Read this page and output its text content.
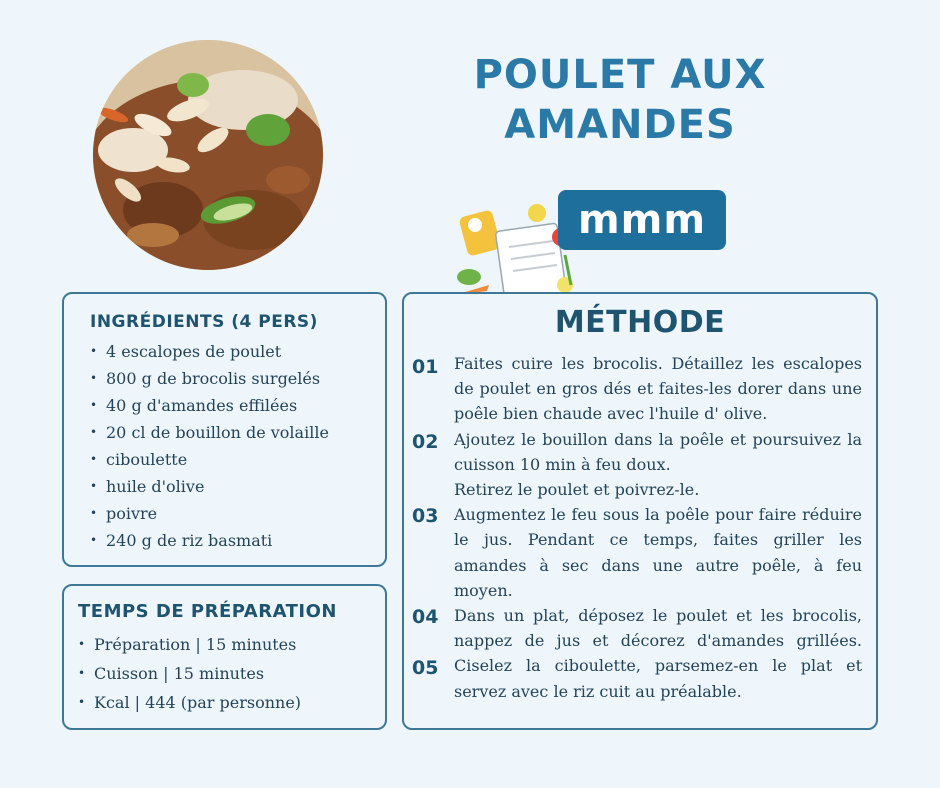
POULET AUX AMANDES
mmm
INGRÉDIENTS (4 PERS)
• 4 escalopes de poulet
• 800 g de brocolis surgelés
• 40 g d'amandes effilées
• 20 cl de bouillon de volaille
• ciboulette
• huile d'olive
• poivre
• 240 g de riz basmati
TEMPS DE PRÉPARATION
• Préparation | 15 minutes
• Cuisson | 15 minutes
• Kcal | 444 (par personne)
MÉTHODE
01
02
03
04
05

Faites cuire les brocolis. Détaillez les escalopes de poulet en gros dés et faites-les dorer dans une poêle bien chaude avec l'huile d' olive.

Ajoutez le bouillon dans la poêle et poursuivez la cuisson 10 min à feu doux.

Retirez le poulet et poivrez-le.

Augmentez le feu sous la poêle pour faire réduire le jus. Pendant ce temps, faites griller les amandes à sec dans une autre poêle, à feu moyen.

Dans un plat, déposez le poulet et les brocolis, nappez de jus et décorez d'amandes grillées. Ciselez la ciboulette, parsemez-en le plat et servez avec le riz cuit au préalable.
